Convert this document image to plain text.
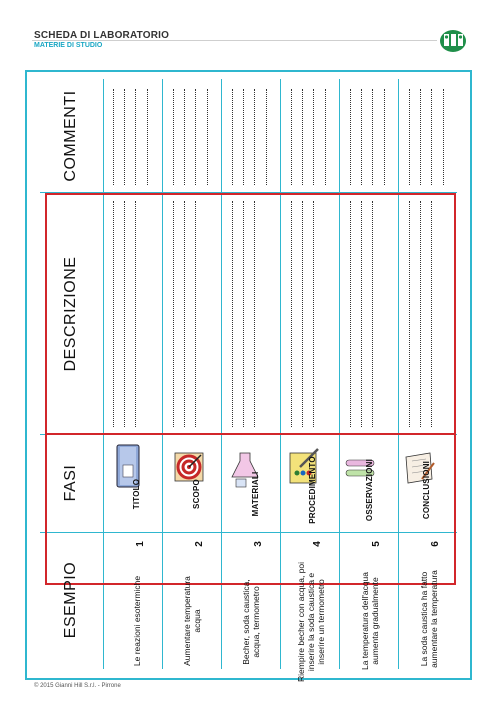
SCHEDA DI LABORATORIO
MATERIE DI STUDIO
COMMENTI
DESCRIZIONE
FASI
ESEMPIO
TITOLO
1
Le reazioni esotermiche
SCOPO
2
Aumentare temperatura acqua
MATERIALI
3
Becher, soda caustica, acqua, termometro
PROCEDIMENTO
4
Riempire becher con acqua, poi inserire la soda caustica e inserire un termometro
OSSERVAZIONI
5
La temperatura dell'acqua aumenta gradualmente
CONCLUSIONI
6
La soda caustica ha fatto aumentare la temperatura
© 2015 Gianni Hill S.r.l. - Pirrone
